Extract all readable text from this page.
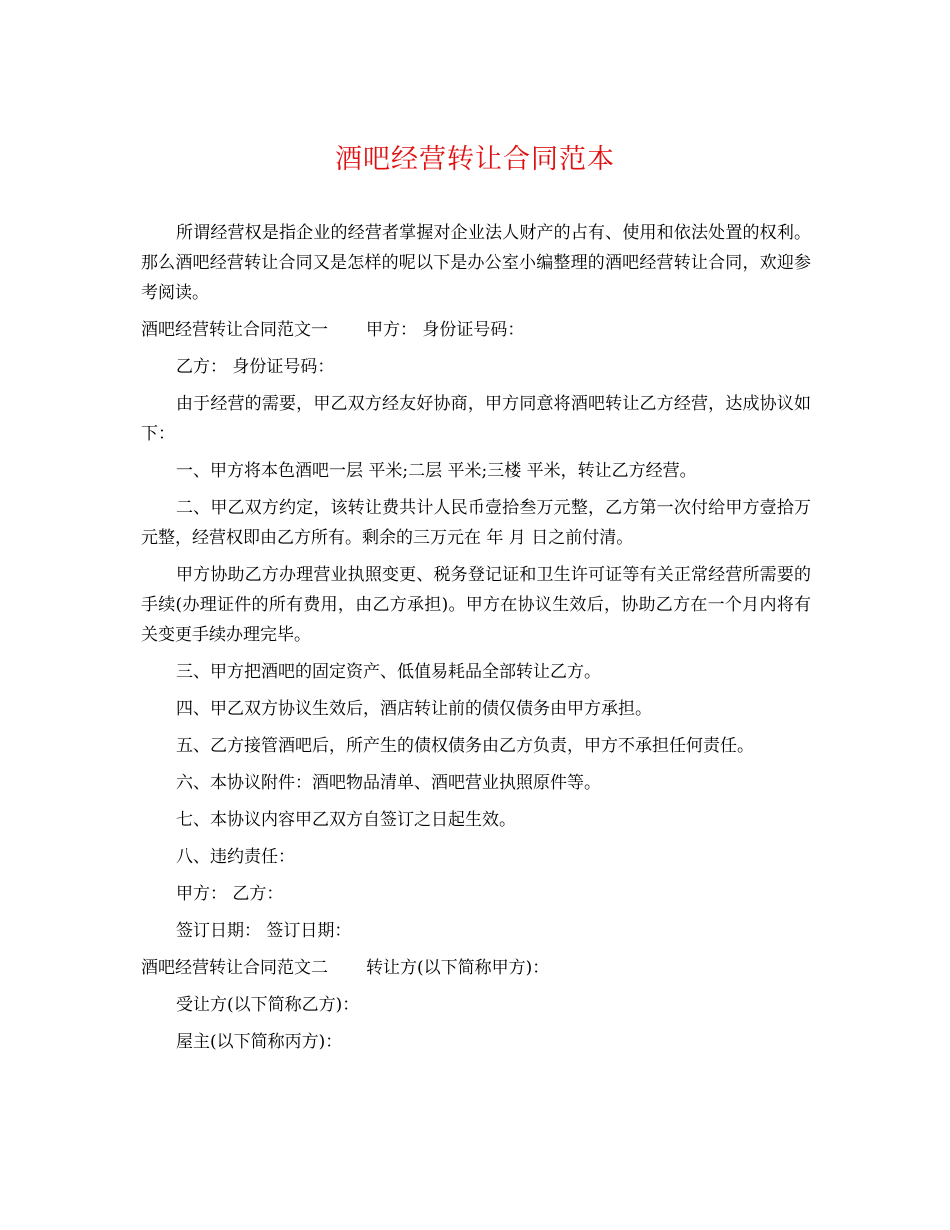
酒吧经营转让合同范本

所谓经营权是指企业的经营者掌握对企业法人财产的占有、使用和依法处置的权利。那么酒吧经营转让合同又是怎样的呢以下是办公室小编整理的酒吧经营转让合同，欢迎参考阅读。

酒吧经营转让合同范文一 甲方： 身份证号码：

乙方： 身份证号码：

由于经营的需要，甲乙双方经友好协商，甲方同意将酒吧转让乙方经营，达成协议如下：

一、甲方将本色酒吧一层 平米;二层 平米;三楼 平米，转让乙方经营。

二、甲乙双方约定，该转让费共计人民币壹拾叁万元整，乙方第一次付给甲方壹拾万元整，经营权即由乙方所有。剩余的三万元在 年 月 日之前付清。

甲方协助乙方办理营业执照变更、税务登记证和卫生许可证等有关正常经营所需要的手续(办理证件的所有费用，由乙方承担)。甲方在协议生效后，协助乙方在一个月内将有关变更手续办理完毕。

三、甲方把酒吧的固定资产、低值易耗品全部转让乙方。

四、甲乙双方协议生效后，酒店转让前的债仅债务由甲方承担。

五、乙方接管酒吧后，所产生的债权债务由乙方负责，甲方不承担任何责任。

六、本协议附件：酒吧物品清单、酒吧营业执照原件等。

七、本协议内容甲乙双方自签订之日起生效。

八、违约责任：

甲方： 乙方：

签订日期： 签订日期：

酒吧经营转让合同范文二 转让方(以下简称甲方)：

受让方(以下简称乙方)：

屋主(以下简称丙方)：
